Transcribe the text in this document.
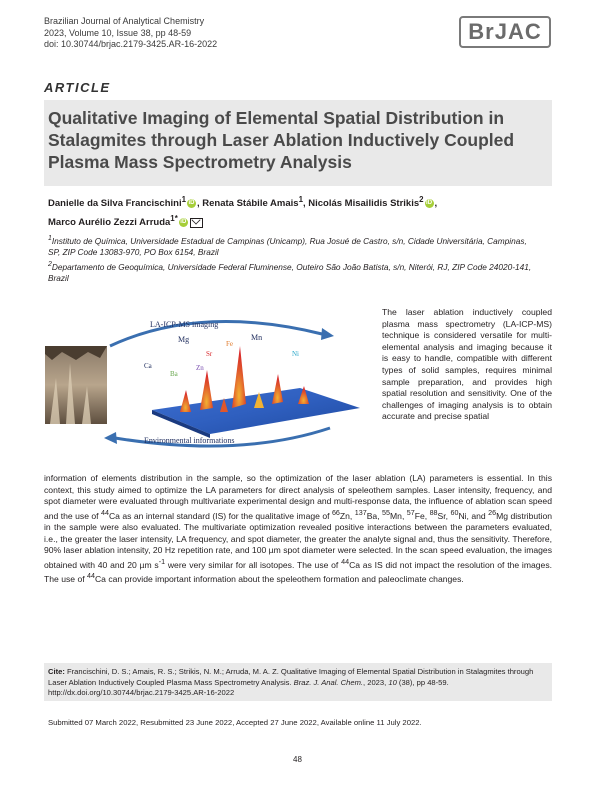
Brazilian Journal of Analytical Chemistry
2023, Volume 10, Issue 38, pp 48-59
doi: 10.30744/brjac.2179-3425.AR-16-2022	BrJAC
ARTICLE
Qualitative Imaging of Elemental Spatial Distribution in Stalagmites through Laser Ablation Inductively Coupled Plasma Mass Spectrometry Analysis
Danielle da Silva Francischini$^1$ iD , Renata Stábile Amais$^1$, Nicolás Misailidis Strikis$^2$ iD ,
Marco Aurélio Zezzi Arruda$^{1*}$ iD
$^1$Instituto de Química, Universidade Estadual de Campinas (Unicamp), Rua Josué de Castro, s/n, Cidade Universitária, Campinas, SP, ZIP Code 13083-970, PO Box 6154, Brazil
$^2$Departamento de Geoquímica, Universidade Federal Fluminense, Outeiro São João Batista, s/n, Niterói, RJ, ZIP Code 24020-141, Brazil
LA-ICP-MS imaging
Environmental informations
Mg
Sr
Fe
Mn
Ni
Ca
Ba
Zn
The laser ablation inductively coupled plasma mass spectrometry (LA-ICP-MS) technique is considered versatile for multi-elemental analysis and imaging because it is easy to handle, compatible with different types of solid samples, requires minimal sample preparation, and provides high spatial resolution and sensitivity. One of the challenges of imaging analysis is to obtain accurate and precise spatial
information of elements distribution in the sample, so the optimization of the laser ablation (LA) parameters is essential. In this context, this study aimed to optimize the LA parameters for direct analysis of speleothem samples. Laser intensity, frequency, and spot diameter were evaluated through multivariate experimental design and multi-response data, the influence of ablation scan speed and the use of $^{44}$Ca as an internal standard (IS) for the qualitative image of $^{66}$Zn, $^{137}$Ba, $^{55}$Mn, $^{57}$Fe, $^{88}$Sr, $^{60}$Ni, and $^{26}$Mg distribution in the sample were also evaluated. The multivariate optimization revealed positive interactions between the parameters evaluated, i.e., the greater the laser intensity, LA frequency, and spot diameter, the greater the analyte signal and, thus the sensitivity. Therefore, 90% laser ablation intensity, 20 Hz repetition rate, and 100 µm spot diameter were selected. In the scan speed evaluation, the images obtained with 40 and 20 µm $s^{-1}$ were very similar for all isotopes. The use of $^{44}$Ca as IS did not impact the resolution of the images. The use of $^{44}$Ca can provide important information about the speleothem formation and paleoclimate changes.
Cite: Francischini, D. S.; Amais, R. S.; Strikis, N. M.; Arruda, M. A. Z. Qualitative Imaging of Elemental Spatial Distribution in Stalagmites through Laser Ablation Inductively Coupled Plasma Mass Spectrometry Analysis. Braz. J. Anal. Chem., 2023, 10 (38), pp 48-59. http://dx.doi.org/10.30744/brjac.2179-3425.AR-16-2022
Submitted 07 March 2022, Resubmitted 23 June 2022, Accepted 27 June 2022, Available online 11 July 2022.
48
